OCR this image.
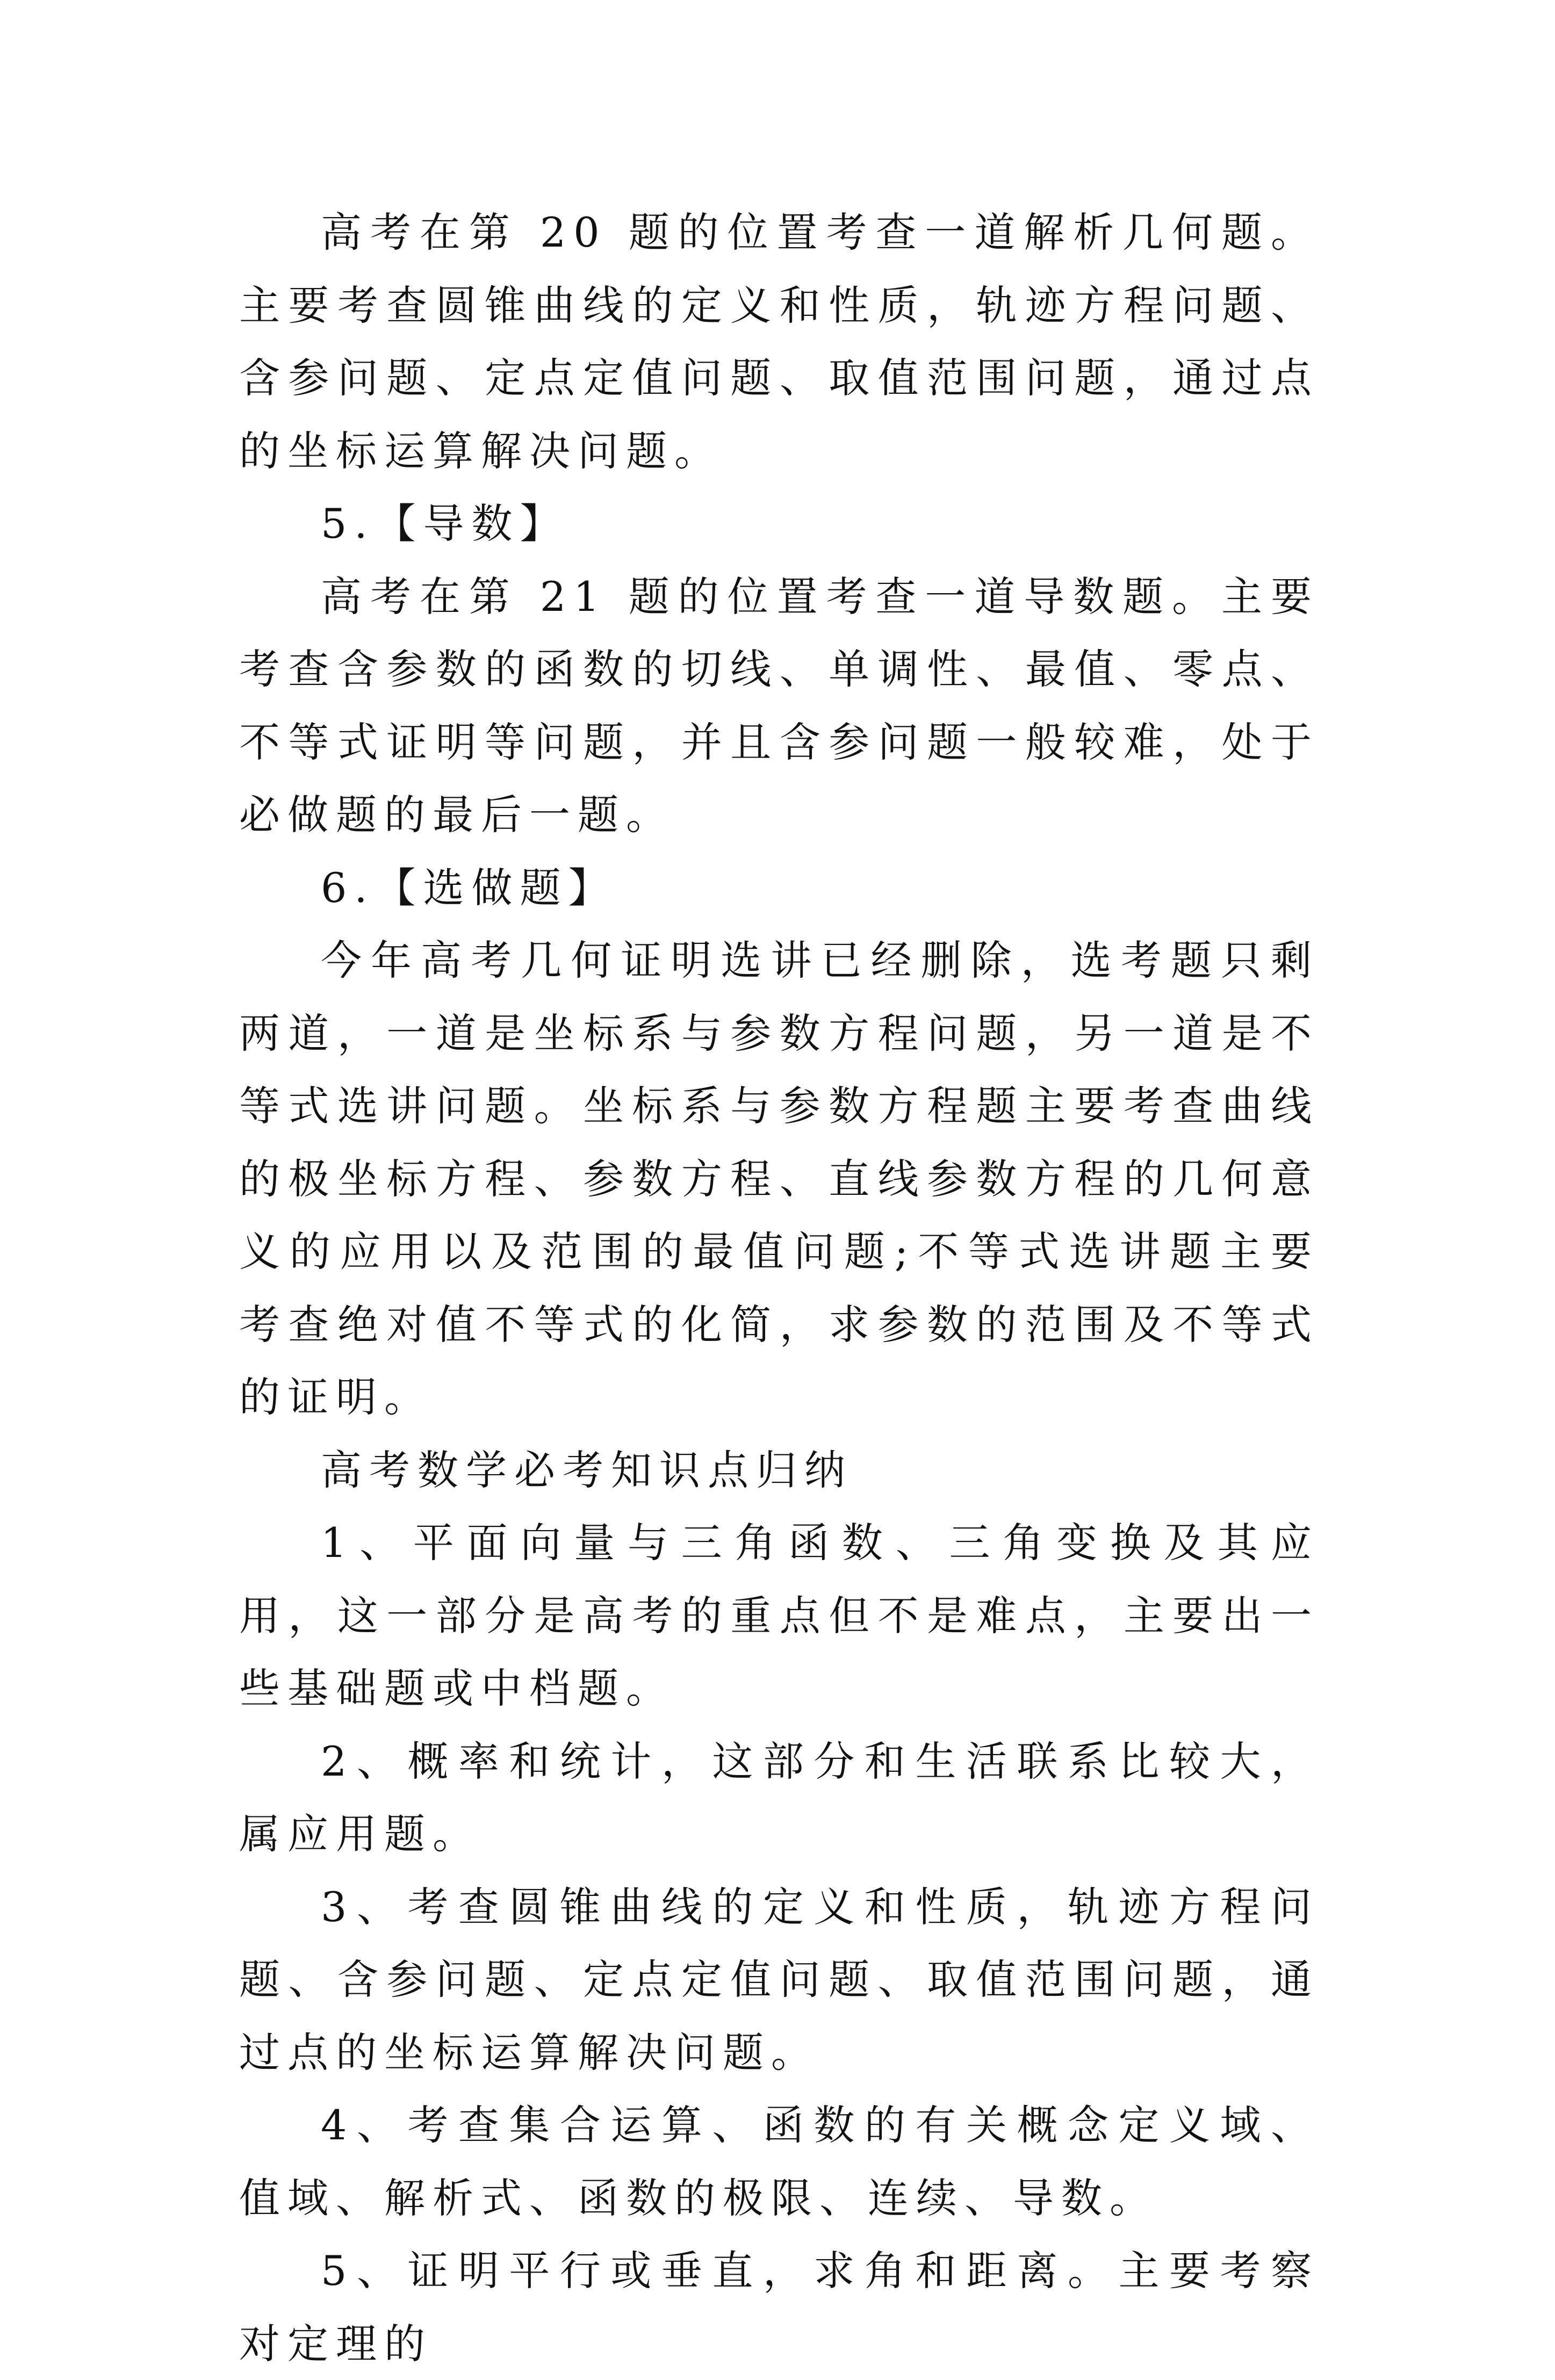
高考在第 20 题的位置考查一道解析几何题。主要考查圆锥曲线的定义和性质，轨迹方程问题、含参问题、定点定值问题、取值范围问题，通过点的坐标运算解决问题。

5.【导数】

高考在第 21 题的位置考查一道导数题。主要考查含参数的函数的切线、单调性、最值、零点、不等式证明等问题，并且含参问题一般较难，处于必做题的最后一题。

6.【选做题】

今年高考几何证明选讲已经删除，选考题只剩两道，一道是坐标系与参数方程问题，另一道是不等式选讲问题。坐标系与参数方程题主要考查曲线的极坐标方程、参数方程、直线参数方程的几何意义的应用以及范围的最值问题;不等式选讲题主要考查绝对值不等式的化简，求参数的范围及不等式的证明。

高考数学必考知识点归纳

1、平面向量与三角函数、三角变换及其应用，这一部分是高考的重点但不是难点，主要出一些基础题或中档题。

2、概率和统计，这部分和生活联系比较大，属应用题。

3、考查圆锥曲线的定义和性质，轨迹方程问题、含参问题、定点定值问题、取值范围问题，通过点的坐标运算解决问题。

4、考查集合运算、函数的有关概念定义域、值域、解析式、函数的极限、连续、导数。

5、证明平行或垂直，求角和距离。主要考察对定理的
